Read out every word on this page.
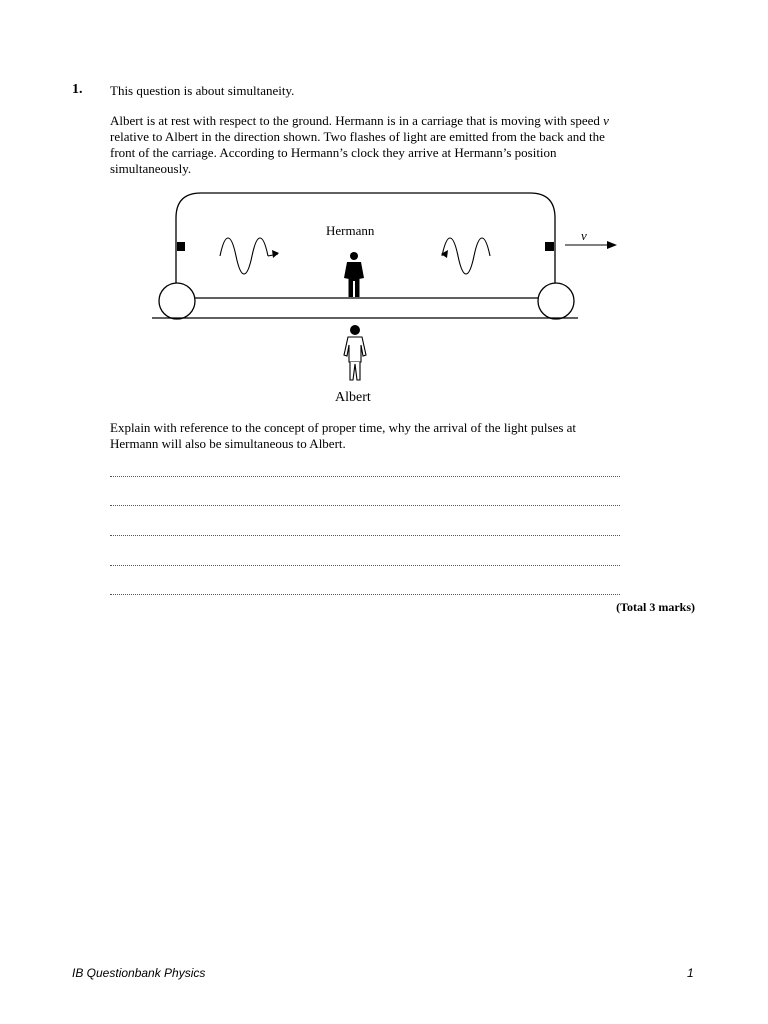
1. This question is about simultaneity.
Albert is at rest with respect to the ground. Hermann is in a carriage that is moving with speed v
relative to Albert in the direction shown. Two flashes of light are emitted from the back and the
front of the carriage. According to Hermann’s clock they arrive at Hermann’s position
simultaneously.
v
Hermann
Albert
Explain with reference to the concept of proper time, why the arrival of the light pulses at
Hermann will also be simultaneous to Albert.
(Total 3 marks)
IB Questionbank Physics	1
